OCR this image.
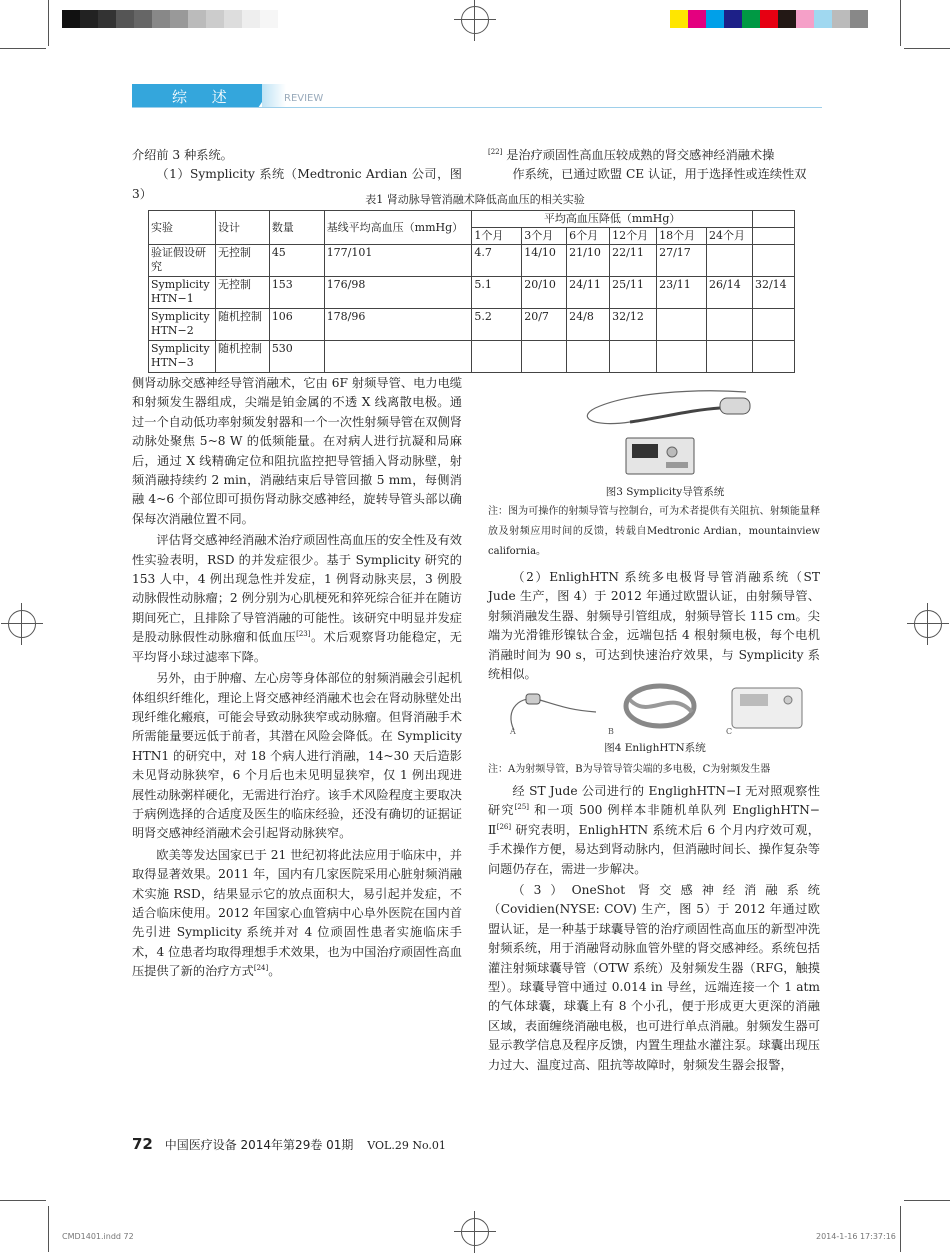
综 述	REVIEW

介绍前 3 种系统。

（1）Symplicity 系统（Medtronic Ardian 公司，图 3）

[22] 是治疗顽固性高血压较成熟的肾交感神经消融术操

作系统，已通过欧盟 CE 认证，用于选择性或连续性双

表1 肾动脉导管消融术降低高血压的相关实验
实验	设计	数量	基线平均高血压（mmHg）	平均高血压降低（mmHg）						
				1个月	3个月	6个月	12个月	18个月	24个月	
验证假设研究	无控制	45	177/101	4.7	14/10	21/10	22/11	27/17		
Symplicity HTN−1	无控制	153	176/98	5.1	20/10	24/11	25/11	23/11	26/14	32/14
Symplicity HTN−2	随机控制	106	178/96	5.2	20/7	24/8	32/12			
Symplicity HTN−3	随机控制	530								

侧肾动脉交感神经导管消融术，它由 6F 射频导管、电力电缆和射频发生器组成，尖端是铂金属的不透 X 线离散电极。通过一个自动低功率射频发射器和一个一次性射频导管在双侧肾动脉处聚焦 5~8 W 的低频能量。在对病人进行抗凝和局麻后，通过 X 线精确定位和阻抗监控把导管插入肾动脉壁，射频消融持续约 2 min，消融结束后导管回撤 5 mm，每侧消融 4~6 个部位即可损伤肾动脉交感神经，旋转导管头部以确保每次消融位置不同。

评估肾交感神经消融术治疗顽固性高血压的安全性及有效性实验表明，RSD 的并发症很少。基于 Symplicity 研究的 153 人中，4 例出现急性并发症，1 例肾动脉夹层，3 例股动脉假性动脉瘤；2 例分别为心肌梗死和猝死综合征并在随访期间死亡，且排除了导管消融的可能性。该研究中明显并发症是股动脉假性动脉瘤和低血压[23]。术后观察肾功能稳定，无平均肾小球过滤率下降。

另外，由于肿瘤、左心房等身体部位的射频消融会引起机体组织纤维化，理论上肾交感神经消融术也会在肾动脉壁处出现纤维化瘢痕，可能会导致动脉狭窄或动脉瘤。但肾消融手术所需能量要远低于前者，其潜在风险会降低。在 Symplicity HTN1 的研究中，对 18 个病人进行消融，14~30 天后造影未见肾动脉狭窄，6 个月后也未见明显狭窄，仅 1 例出现进展性动脉粥样硬化，无需进行治疗。该手术风险程度主要取决于病例选择的合适度及医生的临床经验，还没有确切的证据证明肾交感神经消融术会引起肾动脉狭窄。

欧美等发达国家已于 21 世纪初将此法应用于临床中，并取得显著效果。2011 年，国内有几家医院采用心脏射频消融术实施 RSD，结果显示它的放点面积大，易引起并发症，不适合临床使用。2012 年国家心血管病中心阜外医院在国内首先引进 Symplicity 系统并对 4 位顽固性患者实施临床手术，4 位患者均取得理想手术效果，也为中国治疗顽固性高血压提供了新的治疗方式[24]。

图3 Symplicity导管系统
注：图为可操作的射频导管与控制台，可为术者提供有关阻抗、射频能量释放及射频应用时间的反馈，转载自Medtronic Ardian，mountainview california。

（2）EnlighHTN 系统多电极肾导管消融系统（ST Jude 生产，图 4）于 2012 年通过欧盟认证，由射频导管、射频消融发生器、射频导引管组成，射频导管长 115 cm。尖端为光滑锥形镍钛合金，远端包括 4 根射频电极，每个电机消融时间为 90 s，可达到快速治疗效果，与 Symplicity 系统相似。

A	B	C
图4 EnlighHTN系统
注：A为射频导管，B为导管导管尖端的多电极，C为射频发生器

经 ST Jude 公司进行的 EnglighHTN−I 无对照观察性研究[25] 和一项 500 例样本非随机单队列 EnglighHTN− Ⅱ[26] 研究表明，EnlighHTN 系统术后 6 个月内疗效可观，手术操作方便，易达到肾动脉内，但消融时间长、操作复杂等问题仍存在，需进一步解决。

（3）OneShot 肾交感神经消融系统（Covidien(NYSE: COV) 生产，图 5）于 2012 年通过欧盟认证，是一种基于球囊导管的治疗顽固性高血压的新型冲洗射频系统，用于消融肾动脉血管外壁的肾交感神经。系统包括灌注射频球囊导管（OTW 系统）及射频发生器（RFG，触摸型）。球囊导管中通过 0.014 in 导丝，远端连接一个 1 atm 的气体球囊，球囊上有 8 个小孔，便于形成更大更深的消融区域，表面缠绕消融电极，也可进行单点消融。射频发生器可显示教学信息及程序反馈，内置生理盐水灌注泵。球囊出现压力过大、温度过高、阻抗等故障时，射频发生器会报警，

72 中国医疗设备 2014年第29卷 01期 VOL.29 No.01
CMD1401.indd 72	2014-1-16 17:37:16
